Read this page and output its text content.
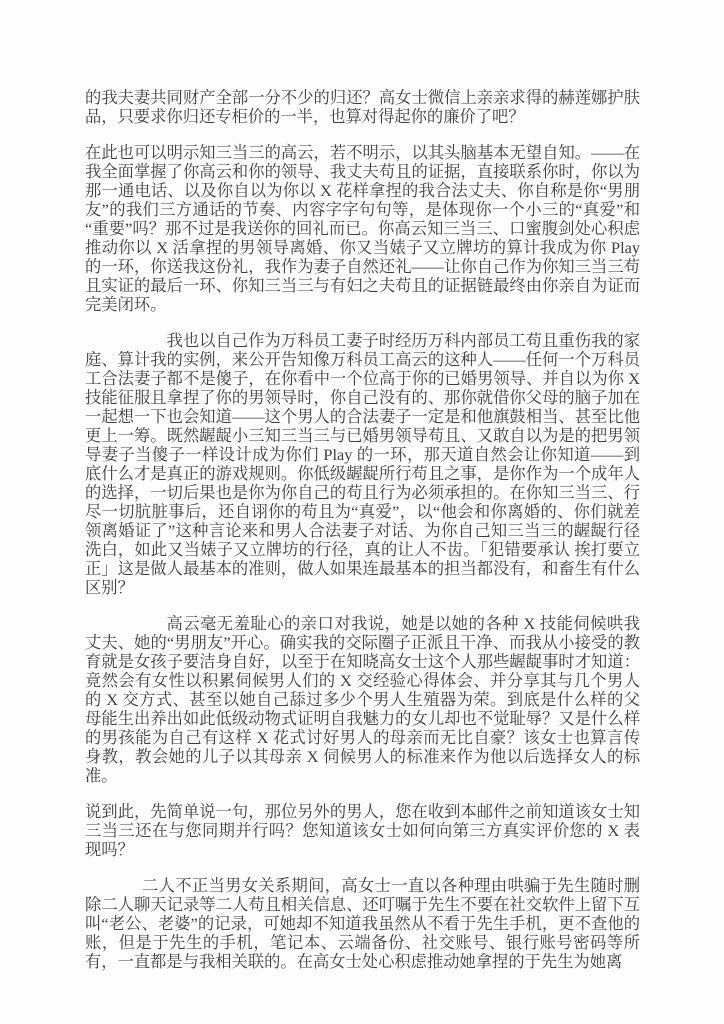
的我夫妻共同财产全部一分不少的归还？高女士微信上亲亲求得的赫莲娜护肤品，只要求你归还专柜价的一半，也算对得起你的廉价了吧？

在此也可以明示知三当三的高云，若不明示，以其头脑基本无望自知。——在我全面掌握了你高云和你的领导、我丈夫苟且的证据，直接联系你时，你以为那一通电话、以及你自以为你以 X 花样拿捏的我合法丈夫、你自称是你“男朋友”的我们三方通话的节奏、内容字字句句等，是体现你一个小三的“真爱”和“重要”吗？那不过是我送你的回礼而已。你高云知三当三、口蜜腹剑处心积虑推动你以 X 活拿捏的男领导离婚、你又当婊子又立牌坊的算计我成为你 Play 的一环，你送我这份礼，我作为妻子自然还礼——让你自己作为你知三当三苟且实证的最后一环、你知三当三与有妇之夫苟且的证据链最终由你亲自为证而完美闭环。

我也以自己作为万科员工妻子时经历万科内部员工苟且重伤我的家庭、算计我的实例，来公开告知像万科员工高云的这种人——任何一个万科员工合法妻子都不是傻子，在你看中一个位高于你的已婚男领导、并自以为你 X 技能征服且拿捏了你的男领导时，你自己没有的、那你就借你父母的脑子加在一起想一下也会知道——这个男人的合法妻子一定是和他旗鼓相当、甚至比他更上一筹。既然龌龊小三知三当三与已婚男领导苟且、又敢自以为是的把男领导妻子当傻子一样设计成为你们 Play 的一环，那天道自然会让你知道——到底什么才是真正的游戏规则。你低级龌龊所行苟且之事，是你作为一个成年人的选择，一切后果也是你为你自己的苟且行为必须承担的。在你知三当三、行尽一切肮脏事后，还自诩你的苟且为“真爱”，以“他会和你离婚的、你们就差领离婚证了”这种言论来和男人合法妻子对话、为你自己知三当三的龌龊行径洗白，如此又当婊子又立牌坊的行径，真的让人不齿。「犯错要承认 挨打要立正」这是做人最基本的准则，做人如果连最基本的担当都没有，和畜生有什么区别？

高云毫无羞耻心的亲口对我说，她是以她的各种 X 技能伺候哄我丈夫、她的“男朋友”开心。确实我的交际圈子正派且干净、而我从小接受的教育就是女孩子要洁身自好，以至于在知晓高女士这个人那些龌龊事时才知道：竟然会有女性以积累伺候男人们的 X 交经验心得体会、并分享其与几个男人的 X 交方式、甚至以她自己舔过多少个男人生殖器为荣。到底是什么样的父母能生出养出如此低级动物式证明自我魅力的女儿却也不觉耻辱？又是什么样的男孩能为自己有这样 X 花式讨好男人的母亲而无比自豪？该女士也算言传身教，教会她的儿子以其母亲 X 伺候男人的标准来作为他以后选择女人的标准。

说到此，先简单说一句，那位另外的男人，您在收到本邮件之前知道该女士知三当三还在与您同期并行吗？您知道该女士如何向第三方真实评价您的 X 表现吗？

二人不正当男女关系期间，高女士一直以各种理由哄骗于先生随时删除二人聊天记录等二人苟且相关信息、还叮嘱于先生不要在社交软件上留下互叫“老公、老婆”的记录，可她却不知道我虽然从不看于先生手机，更不查他的账，但是于先生的手机，笔记本、云端备份、社交账号、银行账号密码等所有，一直都是与我相关联的。在高女士处心积虑推动她拿捏的于先生为她离
